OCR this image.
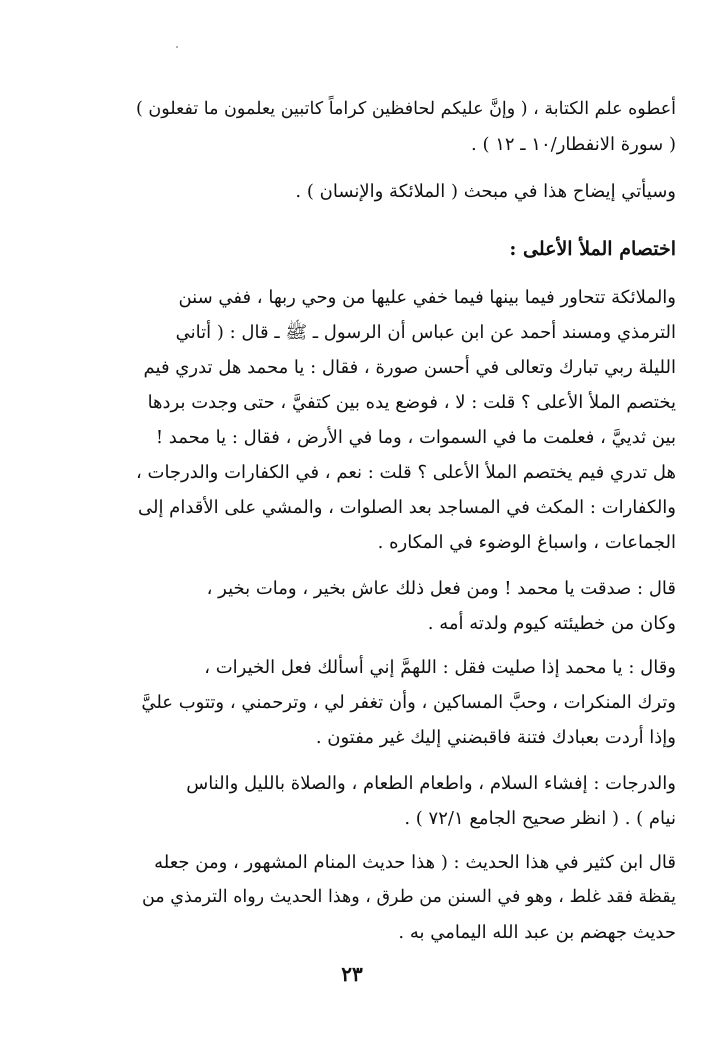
أعطوه علم الكتابة ، ( وإنَّ عليكم لحافظين كراماً كاتبين يعلمون ما تفعلون )
( سورة الانفطار/١٠ ـ ١٢ ) .
وسيأتي إيضاح هذا في مبحث ( الملائكة والإنسان ) .
اختصام الملأ الأعلى :
والملائكة تتحاور فيما بينها فيما خفي عليها من وحي ربها ، ففي سنن
الترمذي ومسند أحمد عن ابن عباس أن الرسول ـ ﷺ ـ قال : ( أتاني
الليلة ربي تبارك وتعالى في أحسن صورة ، فقال : يا محمد هل تدري فيم
يختصم الملأ الأعلى ؟ قلت : لا ، فوضع يده بين كتفيَّ ، حتى وجدت بردها
بين ثدييَّ ، فعلمت ما في السموات ، وما في الأرض ، فقال : يا محمد !
هل تدري فيم يختصم الملأ الأعلى ؟ قلت : نعم ، في الكفارات والدرجات ،
والكفارات : المكث في المساجد بعد الصلوات ، والمشي على الأقدام إلى
الجماعات ، واسباغ الوضوء في المكاره .
قال : صدقت يا محمد ! ومن فعل ذلك عاش بخير ، ومات بخير ،
وكان من خطيئته كيوم ولدته أمه .
وقال : يا محمد إذا صليت فقل : اللهمَّ إني أسألك فعل الخيرات ،
وترك المنكرات ، وحبَّ المساكين ، وأن تغفر لي ، وترحمني ، وتتوب عليَّ
وإذا أردت بعبادك فتنة فاقبضني إليك غير مفتون .
والدرجات : إفشاء السلام ، واطعام الطعام ، والصلاة بالليل والناس
نيام ) . ( انظر صحيح الجامع ٧٢/١ ) .
قال ابن كثير في هذا الحديث : ( هذا حديث المنام المشهور ، ومن جعله
يقظة فقد غلط ، وهو في السنن من طرق ، وهذا الحديث رواه الترمذي من
حديث جهضم بن عبد الله اليمامي به .
٢٣
